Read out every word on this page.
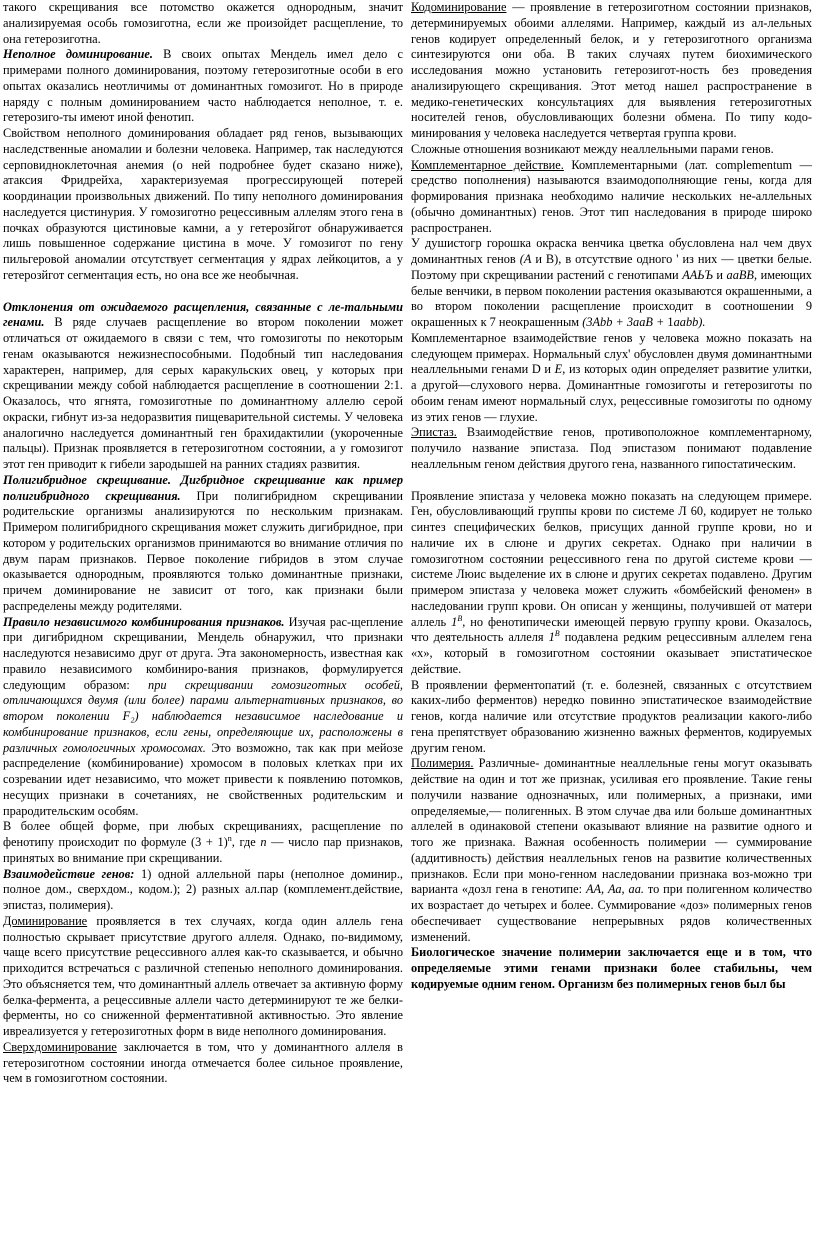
такого скрещивания все потомство окажется однородным, значит анализируемая особь гомозиготна, если же произойдет расщепление, то она гетерозиготна.

Неполное доминирование. В своих опытах Мендель имел дело с примерами полного доминирования, поэтому гетерозиготные особи в его опытах оказались неотличимы от доминантных гомозигот. Но в природе наряду с полным доминированием часто наблюдается неполное, т. е. гетерозиго-ты имеют иной фенотип.

Свойством неполного доминирования обладает ряд генов, вызывающих наследственные аномалии и болезни человека. Например, так наследуются серповидноклеточная анемия (о ней подробнее будет сказано ниже), атаксия Фридрейха, характеризуемая прогрессирующей потерей координации произвольных движений. По типу неполного доминирования наследуется цистинурия. У гомозиготно рецессивным аллелям этого гена в почках образуются цистиновые камни, а у гетерозйгот обнаруживается лишь повышенное содержание цистина в моче. У гомозигот по гену пильгеровой аномалии отсутствует сегментация у ядрах лейкоцитов, а у гетерозйгот сегментация есть, но она все же необычная.

Отклонения от ожидаемого расщепления, связанные с ле-тальными генами. В ряде случаев расщепление во втором поколении может отличаться от ожидаемого в связи с тем, что гомозиготы по некоторым генам оказываются нежизнеспособными. Подобный тип наследования характерен, например, для серых каракульских овец, у которых при скрещивании между собой наблюдается расщепление в соотношении 2:1. Оказалось, что ягнята, гомозиготные по доминантному аллелю серой окраски, гибнут из-за недоразвития пищеварительной системы. У человека аналогично наследуется доминантный ген брахидактилии (укороченные пальцы). Признак проявляется в гетерозиготном состоянии, а у гомозигот этот ген приводит к гибели зародышей на ранних стадиях развития.

Полигибридное скрещивание. Дигбридное скрещивание как пример полигибридного скрещивания. При полигибридном скрещивании родительские организмы анализируются по нескольким признакам. Примером полигибридного скрещивания может служить дигибридное, при котором у родительских организмов принимаются во внимание отличия по двум парам признаков. Первое поколение гибридов в этом случае оказывается однородным, проявляются только доминантные признаки, причем доминирование не зависит от того, как признаки были распределены между родителями.

Правило независимого комбинирования признаков. Изучая рас-щепление при дигибридном скрещивании, Мендель обнаружил, что признаки наследуются независимо друг от друга. Эта закономерность, известная как правило независимого комбиниро-вания признаков, формулируется следующим образом: при скрещивании гомозиготных особей, отличающихся двумя (или более) парами альтернативных признаков, во втором поколении F₂) наблюдается независимое наследование и комбинирование признаков, если гены, определяющие их, расположены в различных гомологичных хромосомах. Это возможно, так как при мейозе распределение (комбинирование) хромосом в половых клетках при их созревании идет независимо, что может привести к появлению потомков, несущих признаки в сочетаниях, не свойственных родительским и прародительским особям.

В более общей форме, при любых скрещиваниях, расщепление по фенотипу происходит по формуле $(3 + 1)^n$, где n — число пар признаков, принятых во внимание при скрещивании.

Взаимодействие генов: 1) одной аллельной пары (неполное доминир., полное дом., сверхдом., кодом.); 2) разных ал.пар (комплемент.действие, эпистаз, полимерия).

Доминирование проявляется в тех случаях, когда один аллель гена полностью скрывает присутствие другого аллеля. Однако, по-видимому, чаще всего присутствие рецессивного аллея как-то сказывается, и обычно приходится встречаться с различной степенью неполного доминирования. Это объясняется тем, что доминантный аллель отвечает за активную форму белка-фермента, а рецессивные аллели часто детерминируют те же белки-ферменты, но со сниженной ферментативной активностью. Это явление ивреализуется у гетерозиготных форм в виде неполного доминирования.

Сверхдоминирование заключается в том, что у доминантного аллеля в гетерозиготном состоянии иногда отмечается более сильное проявление, чем в гомозиготном состоянии.

Кодоминирование — проявление в гетерозиготном состоянии признаков, детерминируемых обоими аллелями. Например, каждый из ал-лельных генов кодирует определенный белок, и у гетерозиготного организма синтезируются они оба. В таких случаях путем биохимического исследования можно установить гетерозигот-ность без проведения анализирующего скрещивания. Этот метод нашел распространение в медико-генетических консультациях для выявления гетерозиготных носителей генов, обусловливающих болезни обмена. По типу кодо-минирования у человека наследуется четвертая группа крови.

Сложные отношения возникают между неаллельными парами генов.

Комплементарное действие. Комплементарными (лат. complementum — средство пополнения) называются взаимодополняющие гены, когда для формирования признака необходимо наличие нескольких не-аллельных (обычно доминантных) генов. Этот тип наследования в природе широко распространен.

У душистогр горошка окраска венчика цветка обусловлена нал чем двух доминантных генов (А и В), в отсутствие одного ' из них — цветки белые. Поэтому при скрещивании растений с генотипами ААЬЪ и ааВВ, имеющих белые венчики, в первом поколении растения оказываются окрашенными, а во втором поколении расщепление происходит в соотношении 9 окрашенных к 7 неокрашенным (3Abb + 3aaB + 1aabb).

Комплементарное взаимодействие генов у человека можно показать на следующем примерах. Нормальный слух' обусловлен двумя доминантными неаллельными генами D и Е, из которых один определяет развитие улитки, а другой—слухового нерва. Доминантные гомозиготы и гетерозиготы по обоим генам имеют нормальный слух, рецессивные гомозиготы по одному из этих генов — глухие.

Эпистаз. Взаимодействие генов, противоположное комплементарному, получило название эпистаза. Под эпистазом понимают подавление неаллельным геном действия другого гена, названного гипостатическим.

Проявление эпистаза у человека можно показать на следующем примере. Ген, обусловливающий группы крови по системе Л 60, кодирует не только синтез специфических белков, присущих данной группе крови, но и наличие их в слюне и других секретах. Однако при наличии в гомозиготном состоянии рецессивного гена по другой системе крови — системе Люис выделение их в слюне и других секретах подавлено. Другим примером эпистаза у человека может служить «бомбейский феномен» в наследовании групп крови. Он описан у женщины, получившей от матери аллель $1^B$, но фенотипически имеющей первую группу крови. Оказалось, что деятельность аллеля $1^B$ подавлена редким рецессивным аллелем гена «х», который в гомозиготном состоянии оказывает эпистатическое действие.

В проявлении ферментопатий (т. е. болезней, связанных с отсутствием каких-либо ферментов) нередко повинно эпистатическое взаимодействие генов, когда наличие или отсутствие продуктов реализации какого-либо гена препятствует образованию жизненно важных ферментов, кодируемых другим геном.

Полимерия. Различные- доминантные неаллельные гены могут оказывать действие на один и тот же признак, усиливая его проявление. Такие гены получили название однозначных, или полимерных, а признаки, ими определяемые,— полигенных. В этом случае два или больше доминантных аллелей в одинаковой степени оказывают влияние на развитие одного и того же признака. Важная особенность полимерии — суммирование (аддитивность) действия неаллельных генов на развитие количественных признаков. Если при моно-генном наследовании признака воз-можно три варианта «дозл гена в генотипе: АА, Аа, аа. то при полигенном количество их возрастает до четырех и более. Суммирование «доз» полимерных генов обеспечивает существование непрерывных рядов количественных изменений.

Биологическое значение полимерии заключается еще и в том, что определяемые этими генами признаки более стабильны, чем кодируемые одним геном. Организм без полимерных генов был бы
